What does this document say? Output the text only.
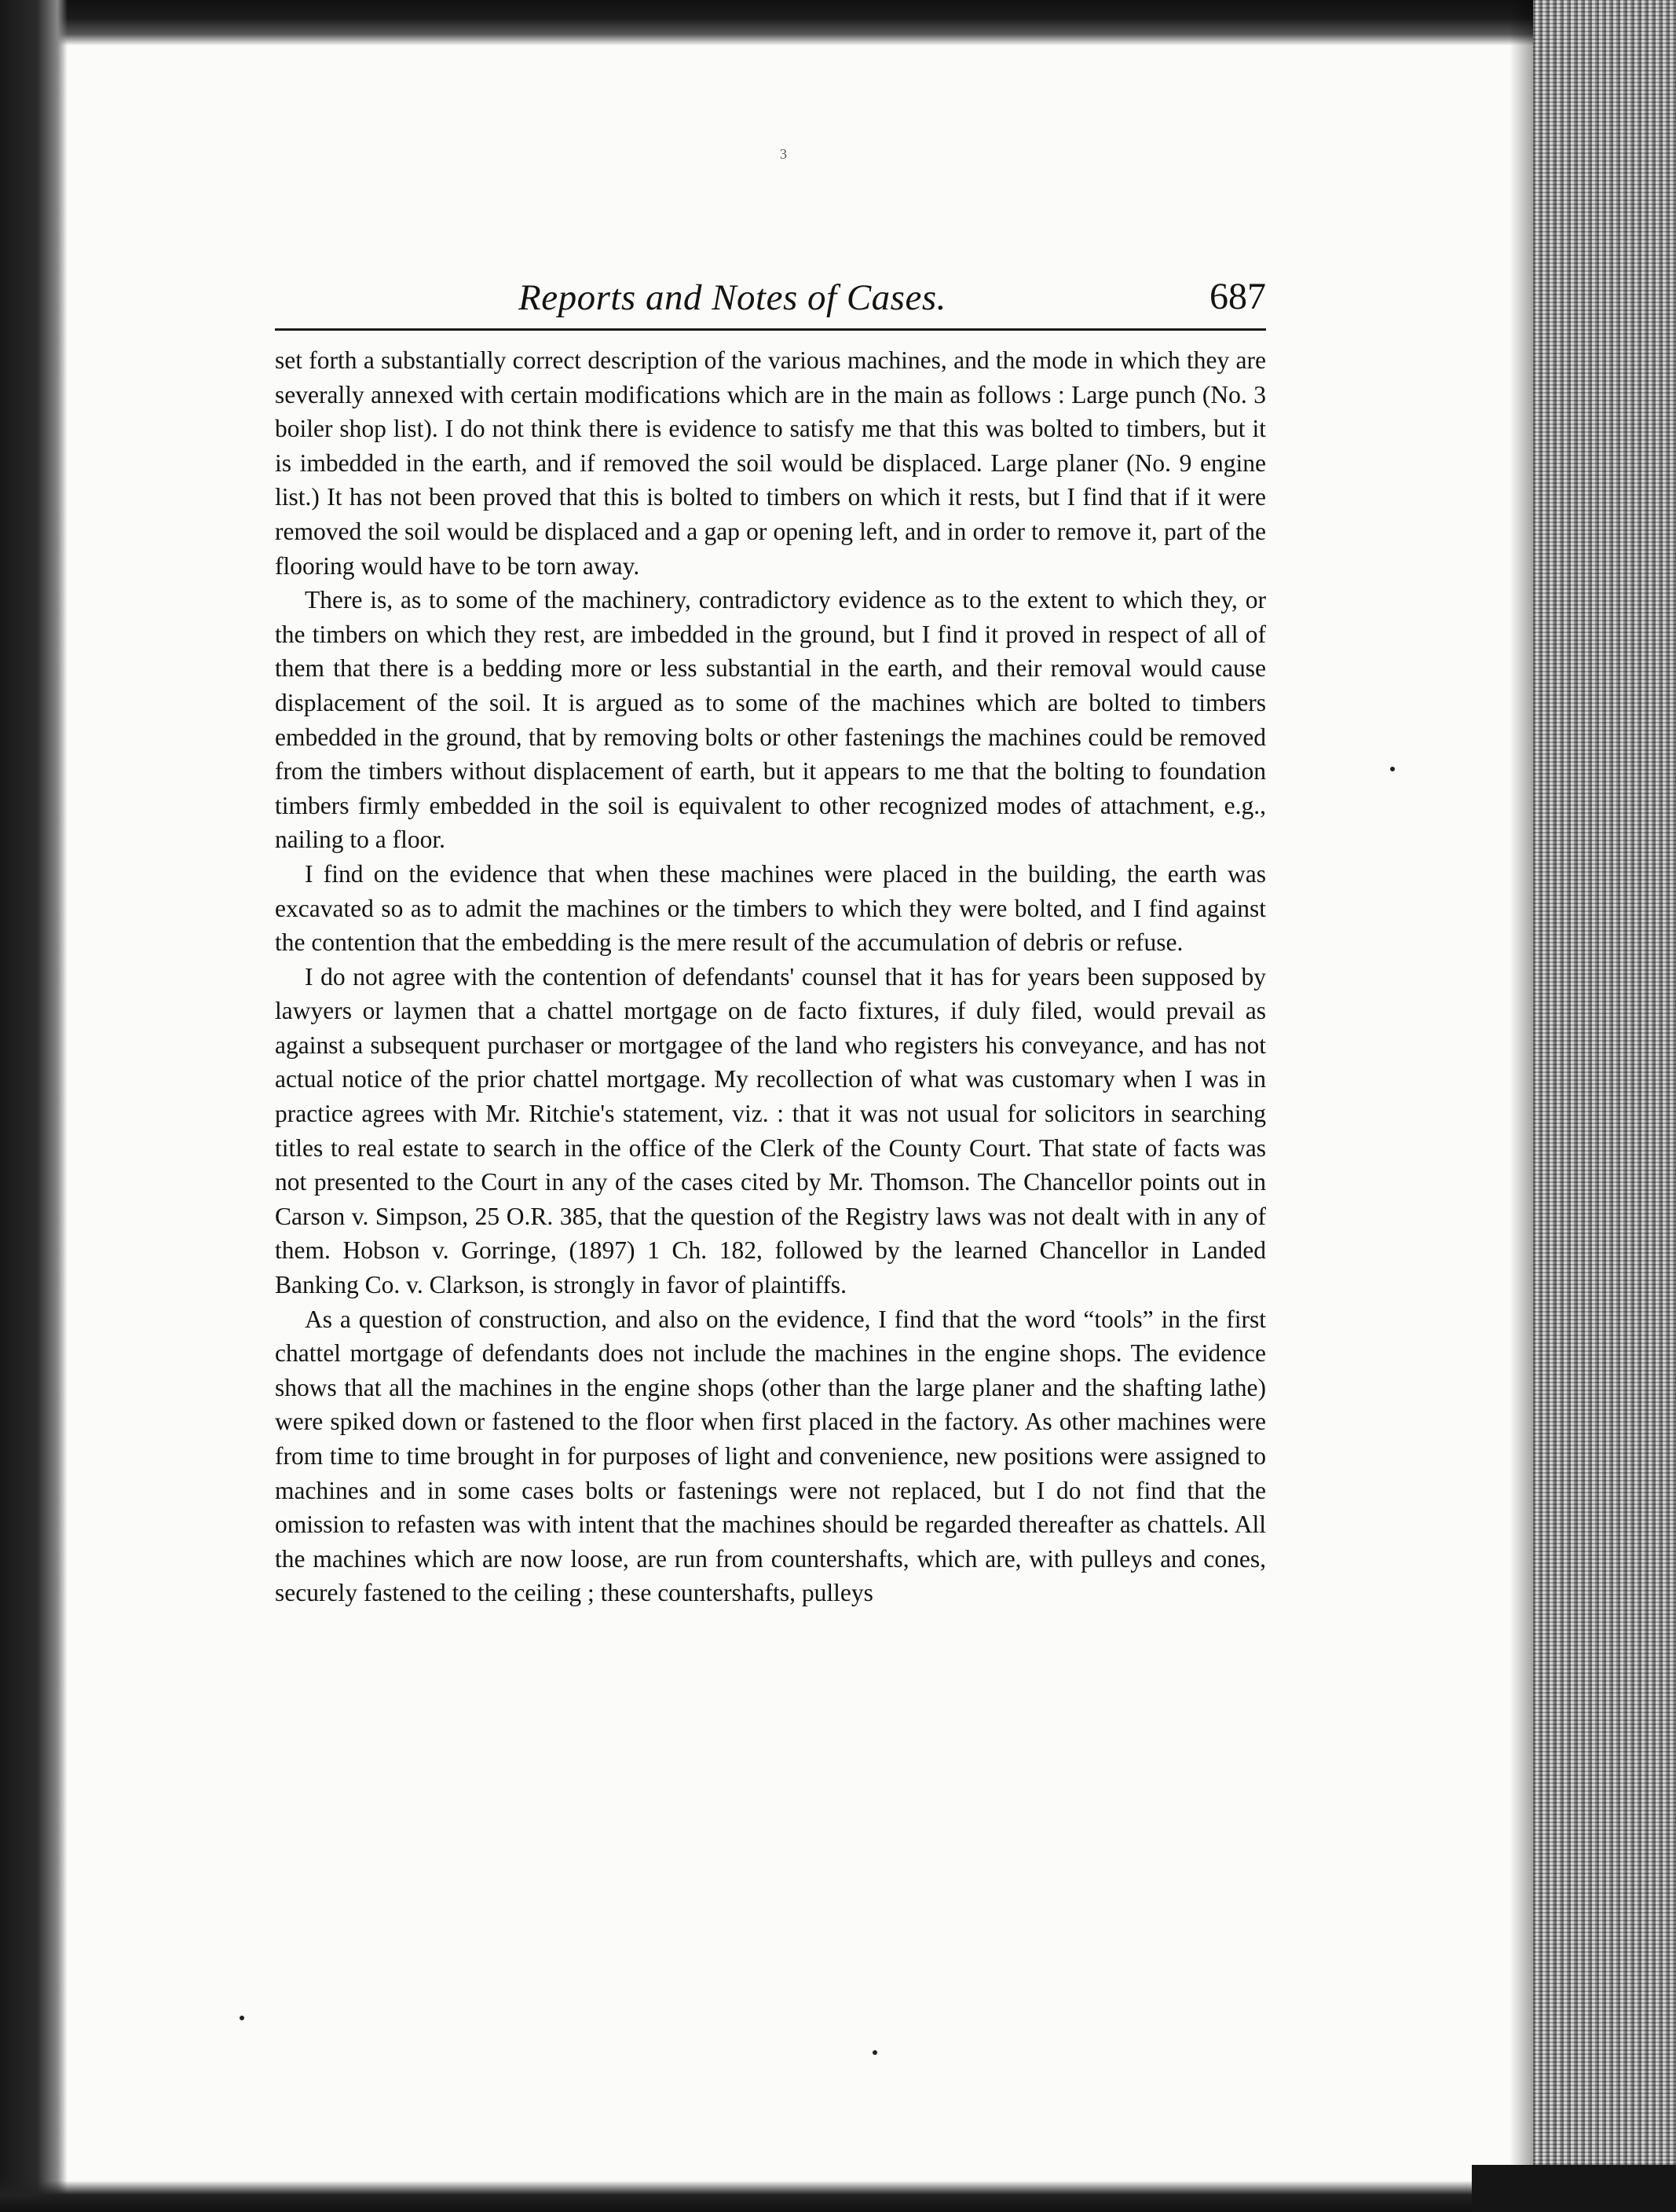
3
Reports and Notes of Cases.	687

set forth a substantially correct description of the various machines, and the mode in which they are severally annexed with certain modifications which are in the main as follows : Large punch (No. 3 boiler shop list). I do not think there is evidence to satisfy me that this was bolted to timbers, but it is imbedded in the earth, and if removed the soil would be displaced. Large planer (No. 9 engine list.) It has not been proved that this is bolted to timbers on which it rests, but I find that if it were removed the soil would be displaced and a gap or opening left, and in order to remove it, part of the flooring would have to be torn away.

There is, as to some of the machinery, contradictory evidence as to the extent to which they, or the timbers on which they rest, are imbedded in the ground, but I find it proved in respect of all of them that there is a bedding more or less substantial in the earth, and their removal would cause displacement of the soil. It is argued as to some of the machines which are bolted to timbers embedded in the ground, that by removing bolts or other fastenings the machines could be removed from the timbers without displacement of earth, but it appears to me that the bolting to foundation timbers firmly embedded in the soil is equivalent to other recognized modes of attachment, e.g., nailing to a floor.

I find on the evidence that when these machines were placed in the building, the earth was excavated so as to admit the machines or the timbers to which they were bolted, and I find against the contention that the embedding is the mere result of the accumulation of debris or refuse.

I do not agree with the contention of defendants' counsel that it has for years been supposed by lawyers or laymen that a chattel mortgage on de facto fixtures, if duly filed, would prevail as against a subsequent purchaser or mortgagee of the land who registers his conveyance, and has not actual notice of the prior chattel mortgage. My recollection of what was customary when I was in practice agrees with Mr. Ritchie's statement, viz. : that it was not usual for solicitors in searching titles to real estate to search in the office of the Clerk of the County Court. That state of facts was not presented to the Court in any of the cases cited by Mr. Thomson. The Chancellor points out in Carson v. Simpson, 25 O.R. 385, that the question of the Registry laws was not dealt with in any of them. Hobson v. Gorringe, (1897) 1 Ch. 182, followed by the learned Chancellor in Landed Banking Co. v. Clarkson, is strongly in favor of plaintiffs.

As a question of construction, and also on the evidence, I find that the word “tools” in the first chattel mortgage of defendants does not include the machines in the engine shops. The evidence shows that all the machines in the engine shops (other than the large planer and the shafting lathe) were spiked down or fastened to the floor when first placed in the factory. As other machines were from time to time brought in for purposes of light and convenience, new positions were assigned to machines and in some cases bolts or fastenings were not replaced, but I do not find that the omission to refasten was with intent that the machines should be regarded thereafter as chattels. All the machines which are now loose, are run from countershafts, which are, with pulleys and cones, securely fastened to the ceiling ; these countershafts, pulleys
